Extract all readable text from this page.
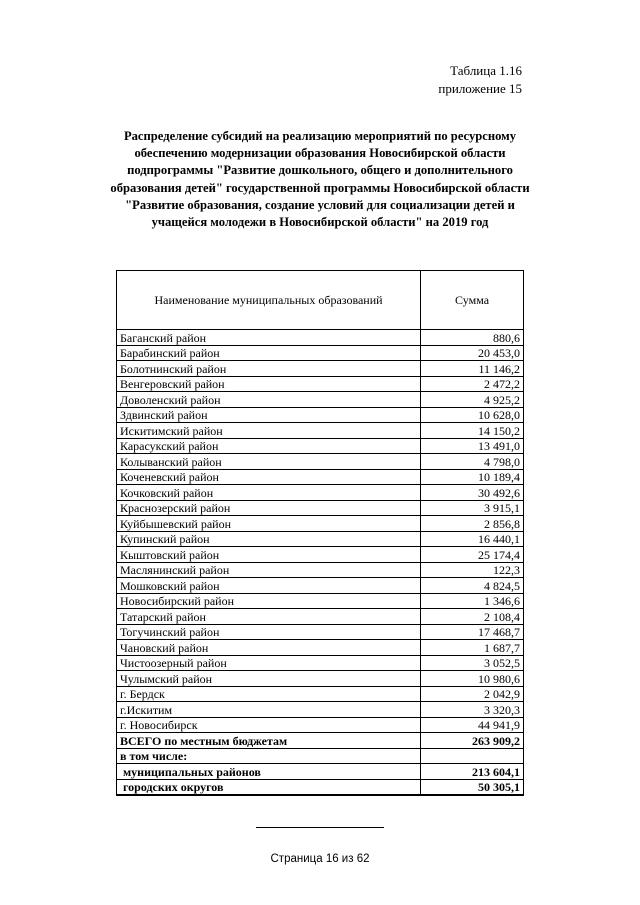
Таблица 1.16
приложение 15
Распределение субсидий на реализацию мероприятий по ресурсному обеспечению модернизации образования Новосибирской области подпрограммы "Развитие дошкольного, общего и дополнительного образования детей" государственной программы Новосибирской области "Развитие образования, создание условий для социализации детей и учащейся молодежи в Новосибирской области" на 2019 год
Наименование муниципальных образований	Сумма
Баганский район	880,6
Барабинский район	20 453,0
Болотнинский район	11 146,2
Венгеровский район	2 472,2
Доволенский район	4 925,2
Здвинский район	10 628,0
Искитимский район	14 150,2
Карасукский район	13 491,0
Колыванский район	4 798,0
Коченевский район	10 189,4
Кочковский район	30 492,6
Краснозерский район	3 915,1
Куйбышевский район	2 856,8
Купинский район	16 440,1
Кыштовский район	25 174,4
Маслянинский район	122,3
Мошковский район	4 824,5
Новосибирский район	1 346,6
Татарский район	2 108,4
Тогучинский район	17 468,7
Чановский район	1 687,7
Чистоозерный район	3 052,5
Чулымский район	10 980,6
г. Бердск	2 042,9
г.Искитим	3 320,3
г. Новосибирск	44 941,9
ВСЕГО по местным бюджетам	263 909,2
в том числе:	
муниципальных районов	213 604,1
городских округов	50 305,1
Страница 16 из 62
